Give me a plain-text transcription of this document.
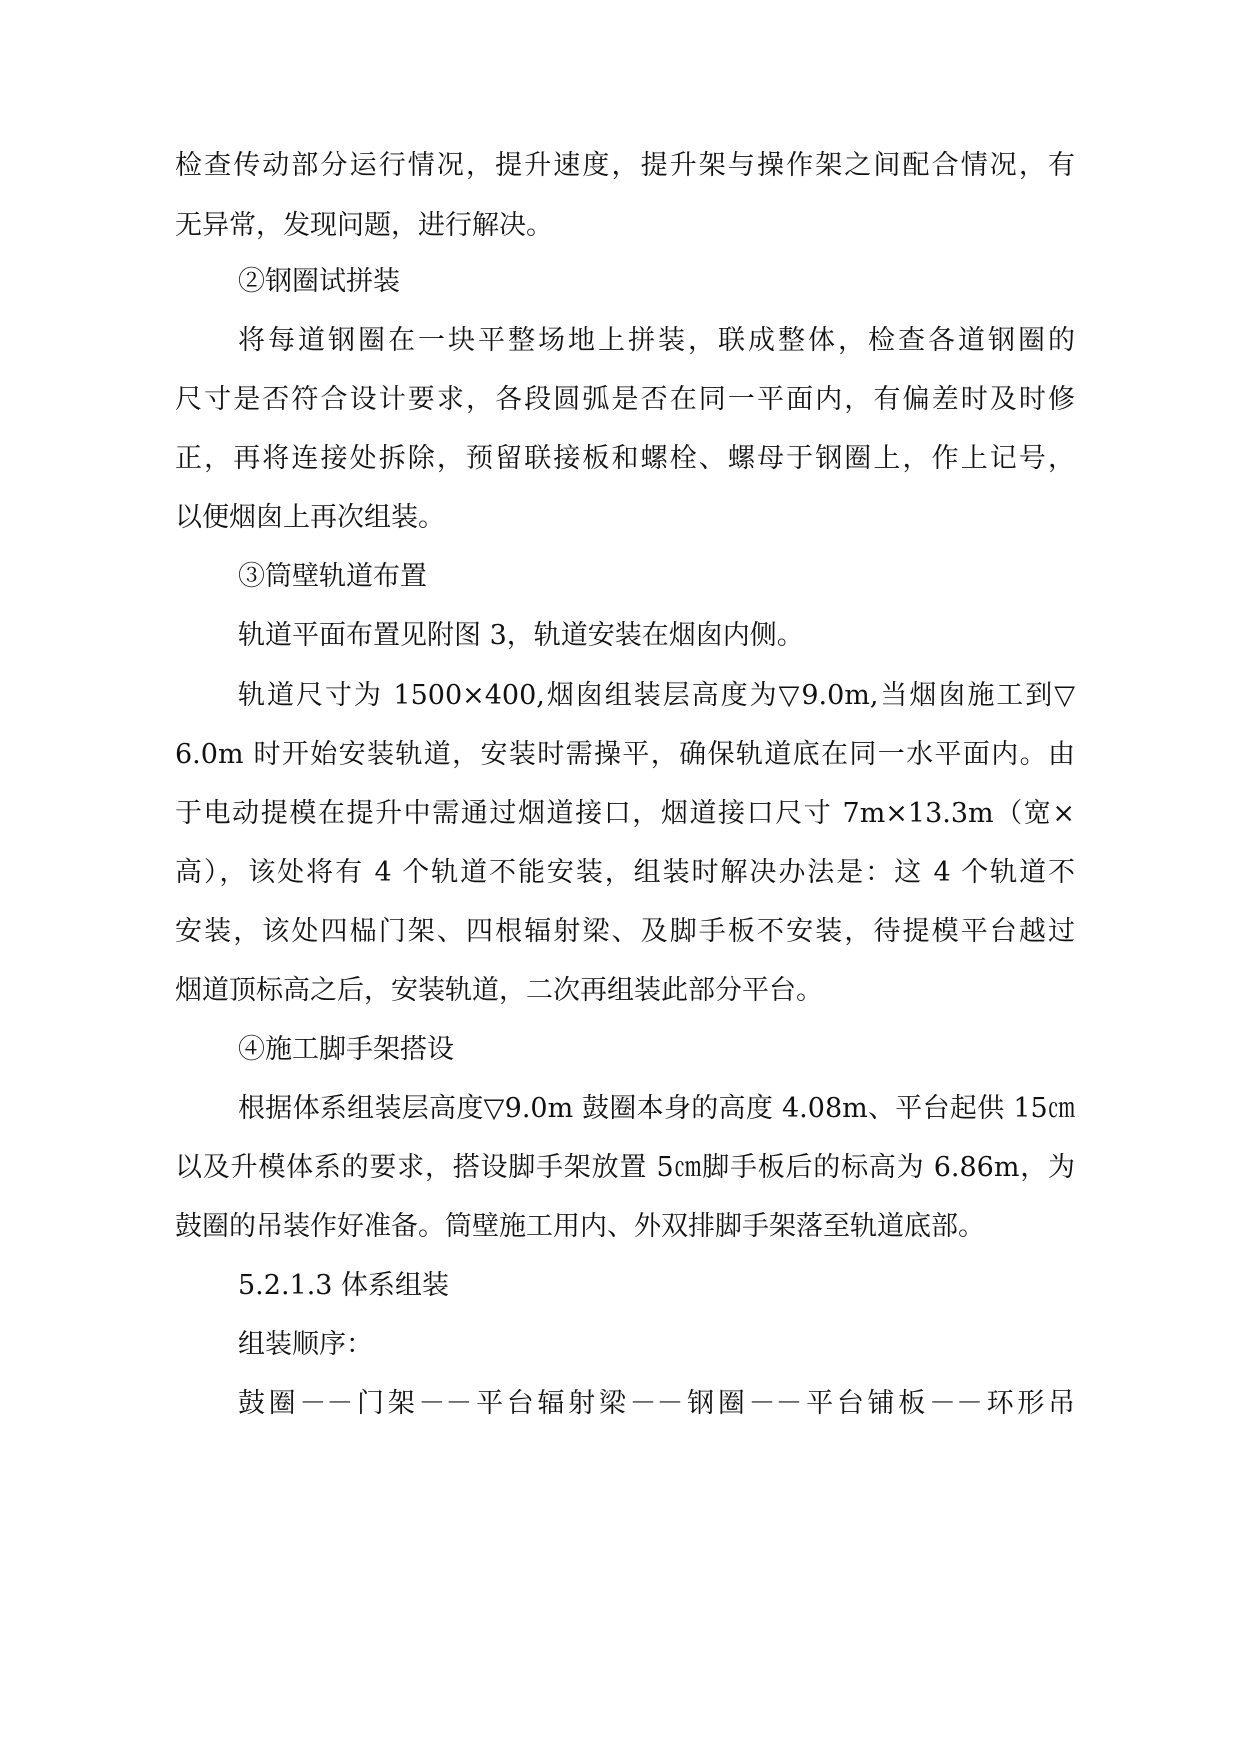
检查传动部分运行情况，提升速度，提升架与操作架之间配合情况，有
无异常，发现问题，进行解决。
②钢圈试拼装
将每道钢圈在一块平整场地上拼装，联成整体，检查各道钢圈的
尺寸是否符合设计要求，各段圆弧是否在同一平面内，有偏差时及时修
正，再将连接处拆除，预留联接板和螺栓、螺母于钢圈上，作上记号，
以便烟囱上再次组装。
③筒壁轨道布置
轨道平面布置见附图 3，轨道安装在烟囱内侧。
轨道尺寸为 1500×400,烟囱组装层高度为▽9.0m,当烟囱施工到▽
6.0m 时开始安装轨道，安装时需操平，确保轨道底在同一水平面内。由
于电动提模在提升中需通过烟道接口，烟道接口尺寸 7m×13.3m（宽×
高），该处将有 4 个轨道不能安装，组装时解决办法是：这 4 个轨道不
安装，该处四榀门架、四根辐射梁、及脚手板不安装，待提模平台越过
烟道顶标高之后，安装轨道，二次再组装此部分平台。
④施工脚手架搭设
根据体系组装层高度▽9.0m 鼓圈本身的高度 4.08m、平台起供 15㎝
以及升模体系的要求，搭设脚手架放置 5㎝脚手板后的标高为 6.86m，为
鼓圈的吊装作好准备。筒壁施工用内、外双排脚手架落至轨道底部。
5.2.1.3 体系组装
组装顺序：
鼓圈－－门架－－平台辐射梁－－钢圈－－平台铺板－－环形吊
